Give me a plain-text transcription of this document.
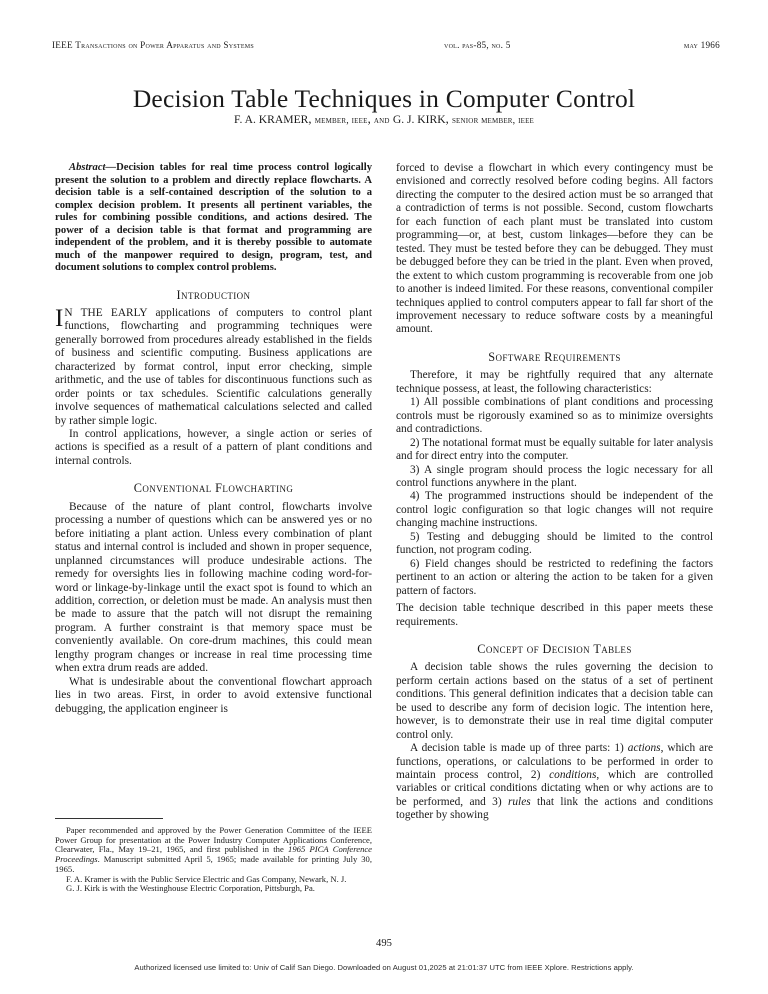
IEEE Transactions on Power Apparatus and Systems	vol. pas-85, no. 5	may 1966
Decision Table Techniques in Computer Control
F. A. KRAMER, member, ieee, and G. J. KIRK, senior member, ieee

Abstract—Decision tables for real time process control logically present the solution to a problem and directly replace flowcharts. A decision table is a self-contained description of the solution to a complex decision problem. It presents all pertinent variables, the rules for combining possible conditions, and actions desired. The power of a decision table is that format and programming are independent of the problem, and it is thereby possible to automate much of the manpower required to design, program, test, and document solutions to complex control problems.

Introduction

I N THE EARLY applications of computers to control plant functions, flowcharting and programming techniques were generally borrowed from procedures already established in the fields of business and scientific computing. Business applications are characterized by format control, input error checking, simple arithmetic, and the use of tables for discontinuous functions such as order points or tax schedules. Scientific calculations generally involve sequences of mathematical calculations selected and called by rather simple logic.

In control applications, however, a single action or series of actions is specified as a result of a pattern of plant conditions and internal controls.

Conventional Flowcharting

Because of the nature of plant control, flowcharts involve processing a number of questions which can be answered yes or no before initiating a plant action. Unless every combination of plant status and internal control is included and shown in proper sequence, unplanned circumstances will produce undesirable actions. The remedy for oversights lies in following machine coding word-for-word or linkage-by-linkage until the exact spot is found to which an addition, correction, or deletion must be made. An analysis must then be made to assure that the patch will not disrupt the remaining program. A further constraint is that memory space must be conveniently available. On core-drum machines, this could mean lengthy program changes or increase in real time processing time when extra drum reads are added.

What is undesirable about the conventional flowchart approach lies in two areas. First, in order to avoid extensive functional debugging, the application engineer is

forced to devise a flowchart in which every contingency must be envisioned and correctly resolved before coding begins. All factors directing the computer to the desired action must be so arranged that a contradiction of terms is not possible. Second, custom flowcharts for each function of each plant must be translated into custom programming—or, at best, custom linkages—before they can be tested. They must be tested before they can be debugged. They must be debugged before they can be tried in the plant. Even when proved, the extent to which custom programming is recoverable from one job to another is indeed limited. For these reasons, conventional compiler techniques applied to control computers appear to fall far short of the improvement necessary to reduce software costs by a meaningful amount.

Software Requirements

Therefore, it may be rightfully required that any alternate technique possess, at least, the following characteristics:

1) All possible combinations of plant conditions and processing controls must be rigorously examined so as to minimize oversights and contradictions.

2) The notational format must be equally suitable for later analysis and for direct entry into the computer.

3) A single program should process the logic necessary for all control functions anywhere in the plant.

4) The programmed instructions should be independent of the control logic configuration so that logic changes will not require changing machine instructions.

5) Testing and debugging should be limited to the control function, not program coding.

6) Field changes should be restricted to redefining the factors pertinent to an action or altering the action to be taken for a given pattern of factors.

The decision table technique described in this paper meets these requirements.

Concept of Decision Tables

A decision table shows the rules governing the decision to perform certain actions based on the status of a set of pertinent conditions. This general definition indicates that a decision table can be used to describe any form of decision logic. The intention here, however, is to demonstrate their use in real time digital computer control only.

A decision table is made up of three parts: 1) actions, which are functions, operations, or calculations to be performed in order to maintain process control, 2) conditions, which are controlled variables or critical conditions dictating when or why actions are to be performed, and 3) rules that link the actions and conditions together by showing

Paper recommended and approved by the Power Generation Committee of the IEEE Power Group for presentation at the Power Industry Computer Applications Conference, Clearwater, Fla., May 19–21, 1965, and first published in the 1965 PICA Conference Proceedings. Manuscript submitted April 5, 1965; made available for printing July 30, 1965.

F. A. Kramer is with the Public Service Electric and Gas Company, Newark, N. J.

G. J. Kirk is with the Westinghouse Electric Corporation, Pittsburgh, Pa.

495
Authorized licensed use limited to: Univ of Calif San Diego. Downloaded on August 01,2025 at 21:01:37 UTC from IEEE Xplore. Restrictions apply.
